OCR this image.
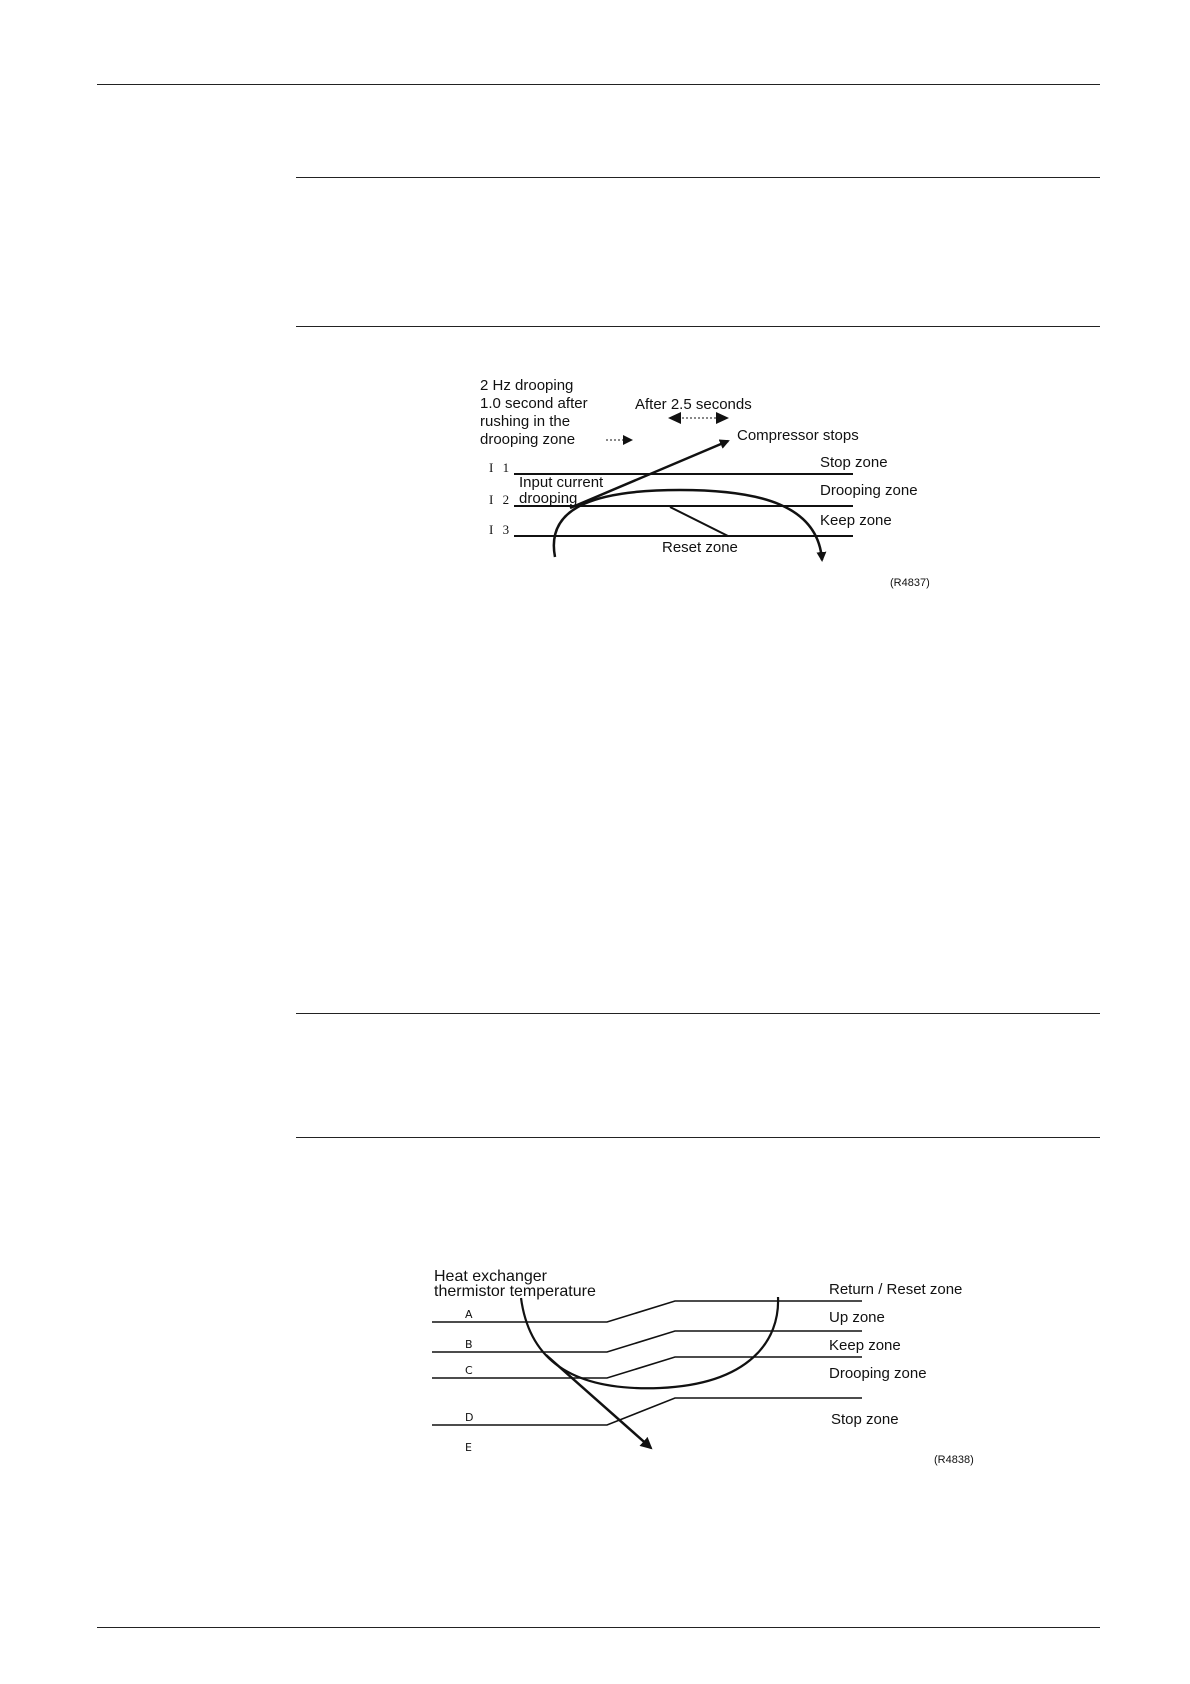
2 Hz drooping
1.0 second after
rushing in the
drooping zone
After 2.5 seconds
Compressor stops
Input current
drooping
I 1
I 2
I 3
Stop zone
Drooping zone
Keep zone
Reset zone
(R4837)
Heat exchanger
thermistor temperature
A
B
C
D
E
Return / Reset zone
Up zone
Keep zone
Drooping zone
Stop zone
(R4838)
